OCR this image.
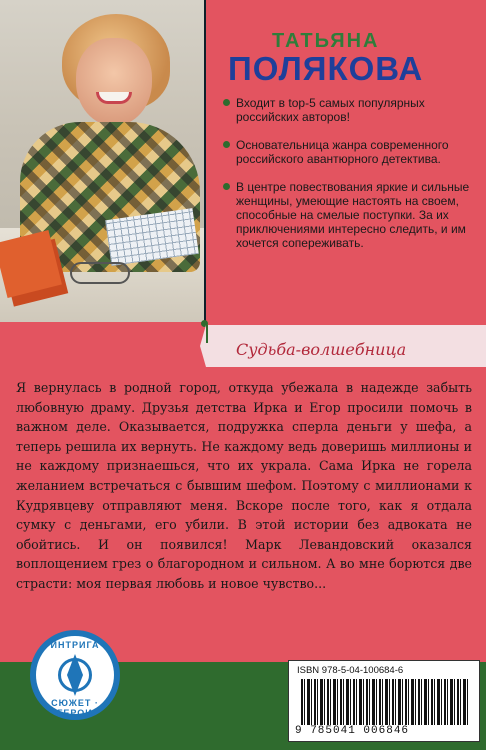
ТАТЬЯНА
ПОЛЯКОВА
Входит в top-5 самых популярных российских авторов!
Основательница жанра современного российского авантюрного детектива.
В центре повествования яркие и сильные женщины, умеющие настоять на своем, способные на смелые поступки. За их приключениями интересно следить, и им хочется сопереживать.
Судьба-волшебница
Я вернулась в родной город, откуда убежала в надежде забыть любовную драму. Друзья детства Ирка и Егор просили помочь в важном деле. Оказывается, подружка сперла деньги у шефа, а теперь решила их вернуть. Не каждому ведь доверишь миллионы и не каждому признаешься, что их украла. Сама Ирка не горела желанием встречаться с бывшим шефом. Поэтому с миллионами к Кудрявцеву отправляют меня. Вскоре после того, как я отдала сумку с деньгами, его убили. В этой истории без адвоката не обойтись. И он появился! Марк Левандовский оказался воплощением грез о благородном и сильном. А во мне борются две страсти: моя первая любовь и новое чувство...
ИНТРИГА
СЮЖЕТ · ГЕРОИ
ISBN 978-5-04-100684-6
9 785041 006846
